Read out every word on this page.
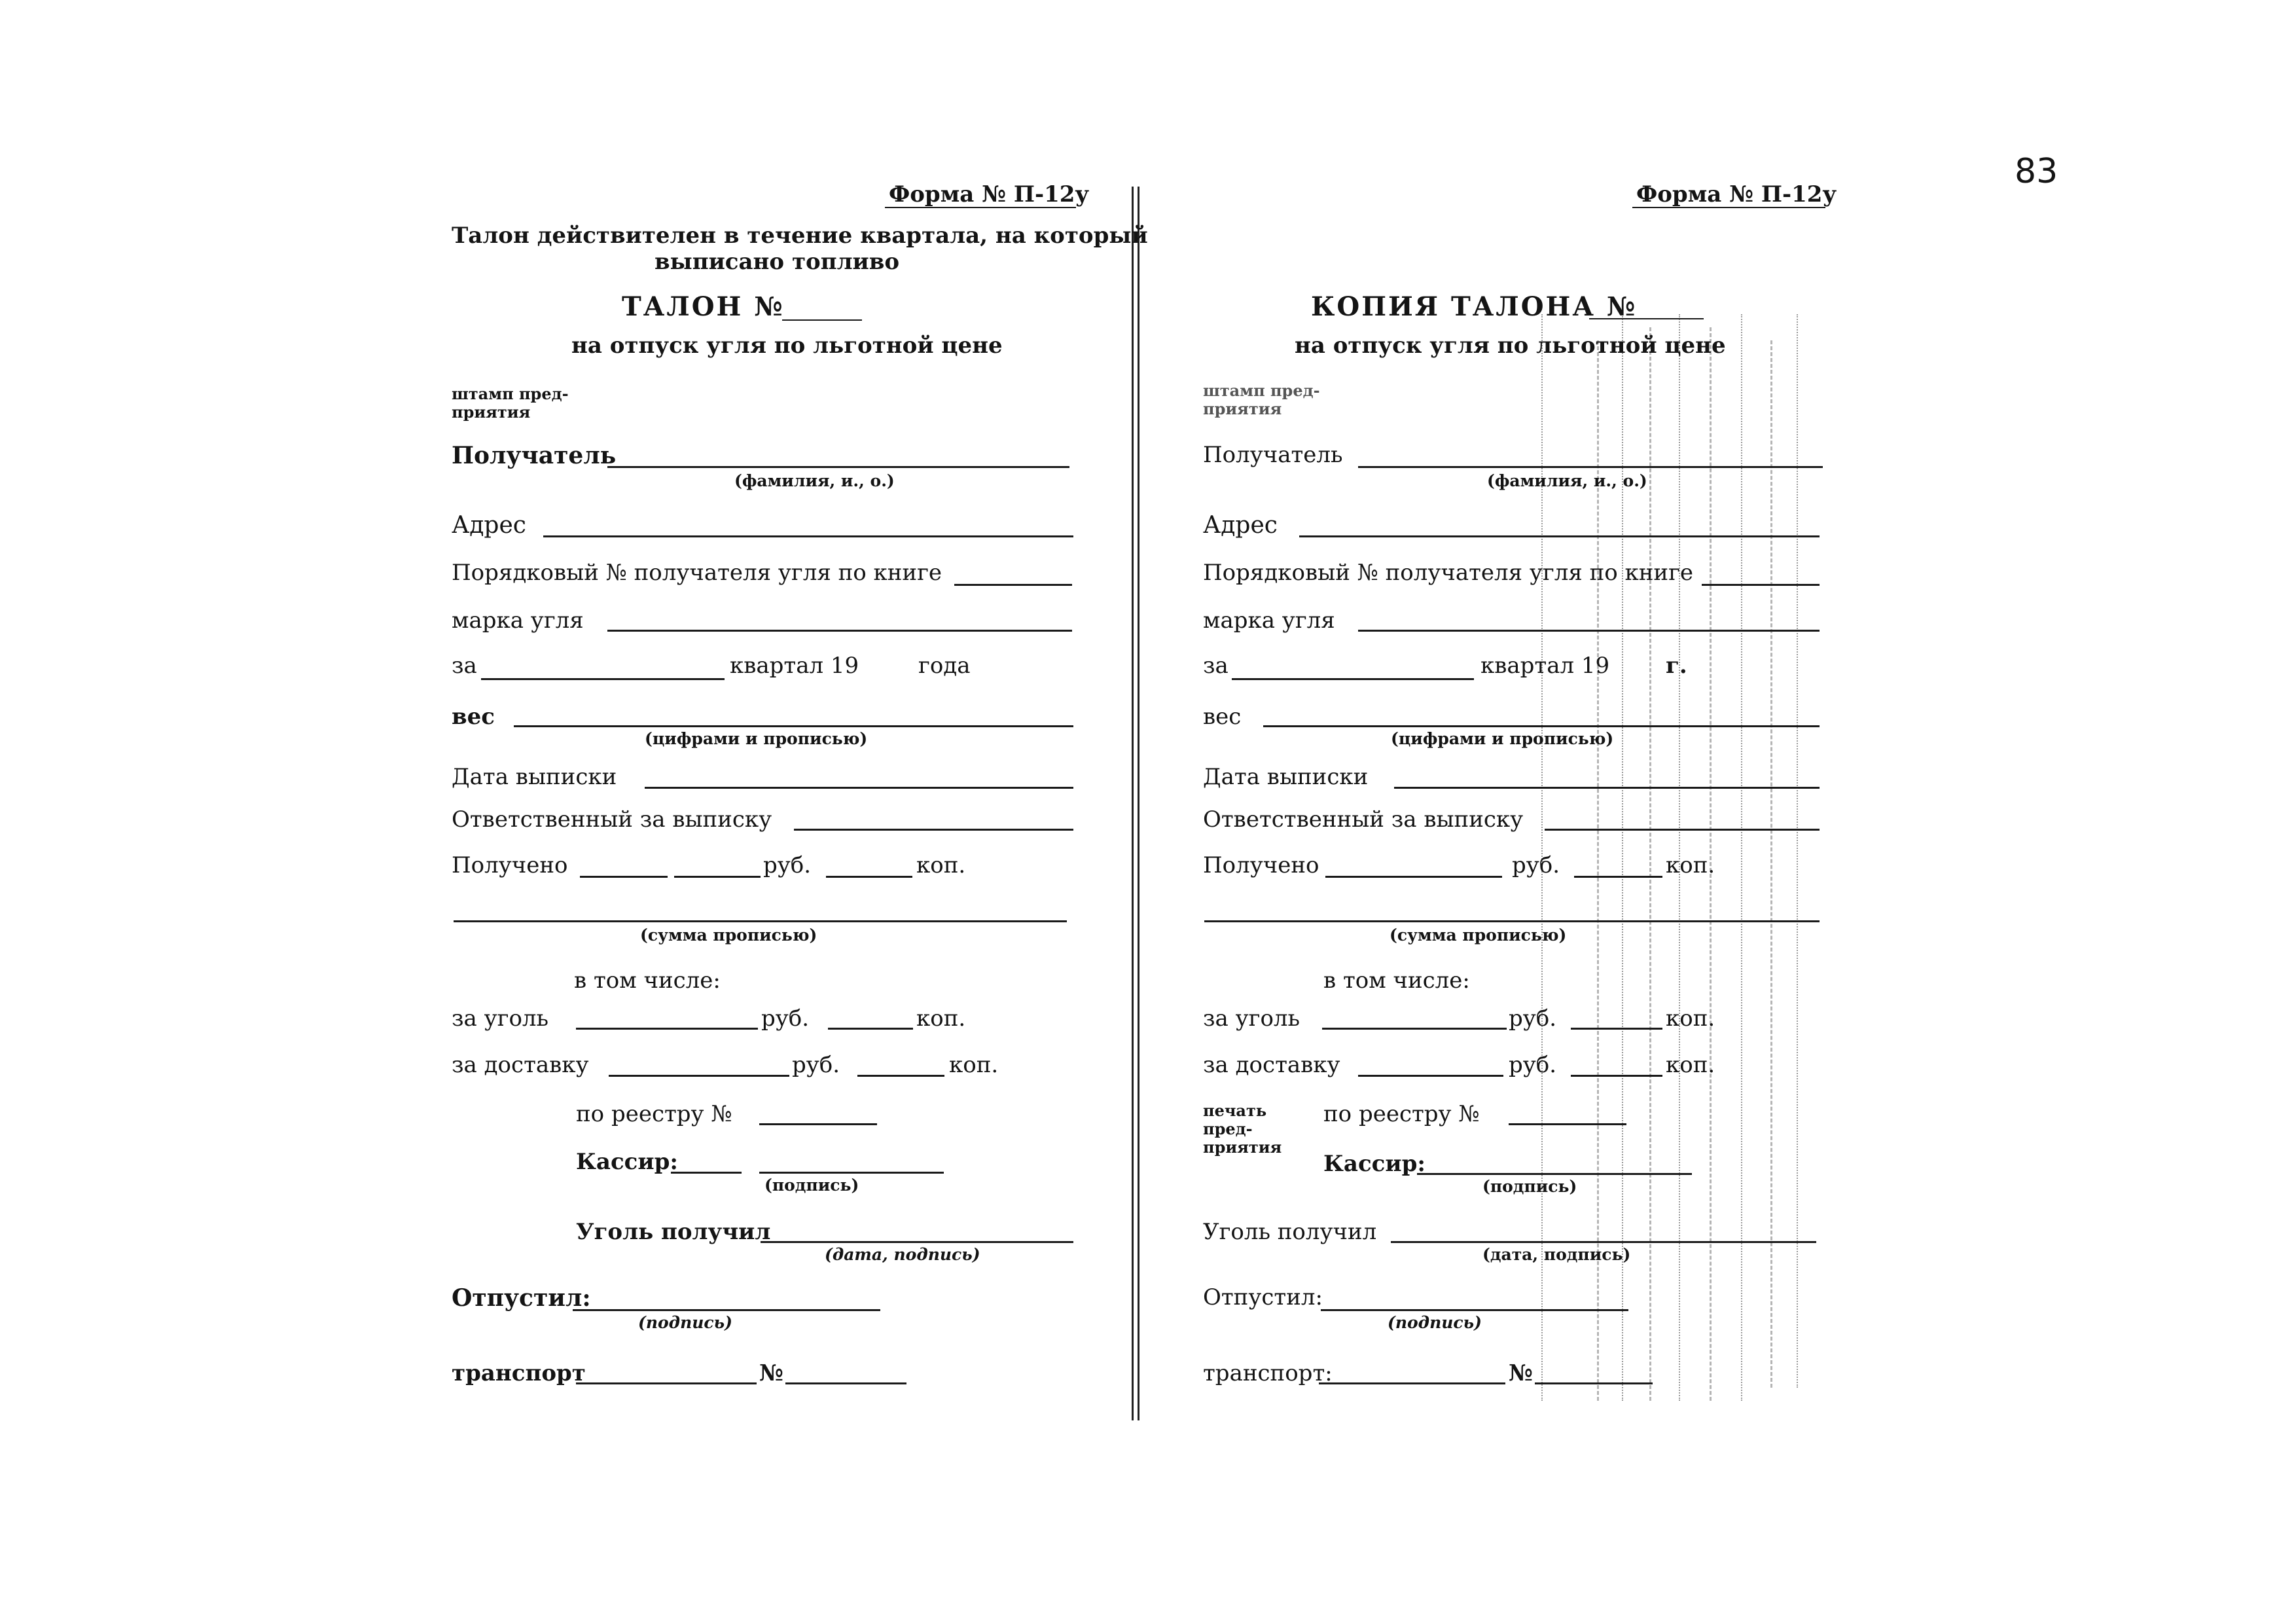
83
Форма № П-12у
Талон действителен в течение квартала, на который
выписано топливо
ТАЛОН №
на отпуск угля по льготной цене
штамп пред-
приятия
Получатель
(фамилия, и., о.)
Адрес
Порядковый № получателя угля по книге
марка угля
за	квартал 19	года
вес
(цифрами и прописью)
Дата выписки
Ответственный за выписку
Получено	руб.	коп.
(сумма прописью)
в том числе:
за уголь	руб.	коп.
за доставку	руб.	коп.
по реестру №
Кассир:
(подпись)
Уголь получил
(дата, подпись)
Отпустил:
(подпись)
транспорт	№
Форма № П-12у
КОПИЯ ТАЛОНА №
на отпуск угля по льготной цене
штамп пред-
приятия
Получатель
(фамилия, и., о.)
Адрес
Порядковый № получателя угля по книге
марка угля
за	квартал 19	г.
вес
(цифрами и прописью)
Дата выписки
Ответственный за выписку
Получено	руб.	коп.
(сумма прописью)
в том числе:
за уголь	руб.	коп.
за доставку	руб.	коп.
печать
пред-
приятия
по реестру №
Кассир:
(подпись)
Уголь получил
(дата, подпись)
Отпустил:
(подпись)
транспорт:	№
